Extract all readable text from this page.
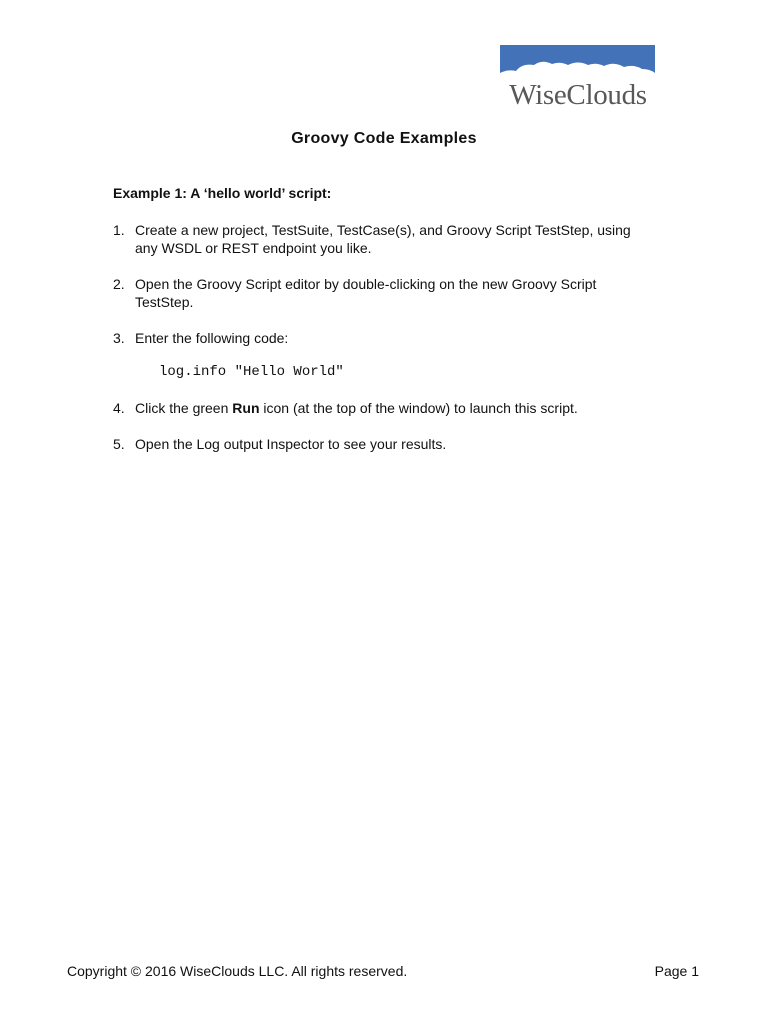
WiseClouds
Groovy Code Examples
Example 1: A ‘hello world’ script:
1. Create a new project, TestSuite, TestCase(s), and Groovy Script TestStep, using any WSDL or REST endpoint you like.
2. Open the Groovy Script editor by double-clicking on the new Groovy Script TestStep.
3. Enter the following code:
log.info "Hello World"
4. Click the green Run icon (at the top of the window) to launch this script.
5. Open the Log output Inspector to see your results.
Copyright © 2016 WiseClouds LLC. All rights reserved.	Page 1
